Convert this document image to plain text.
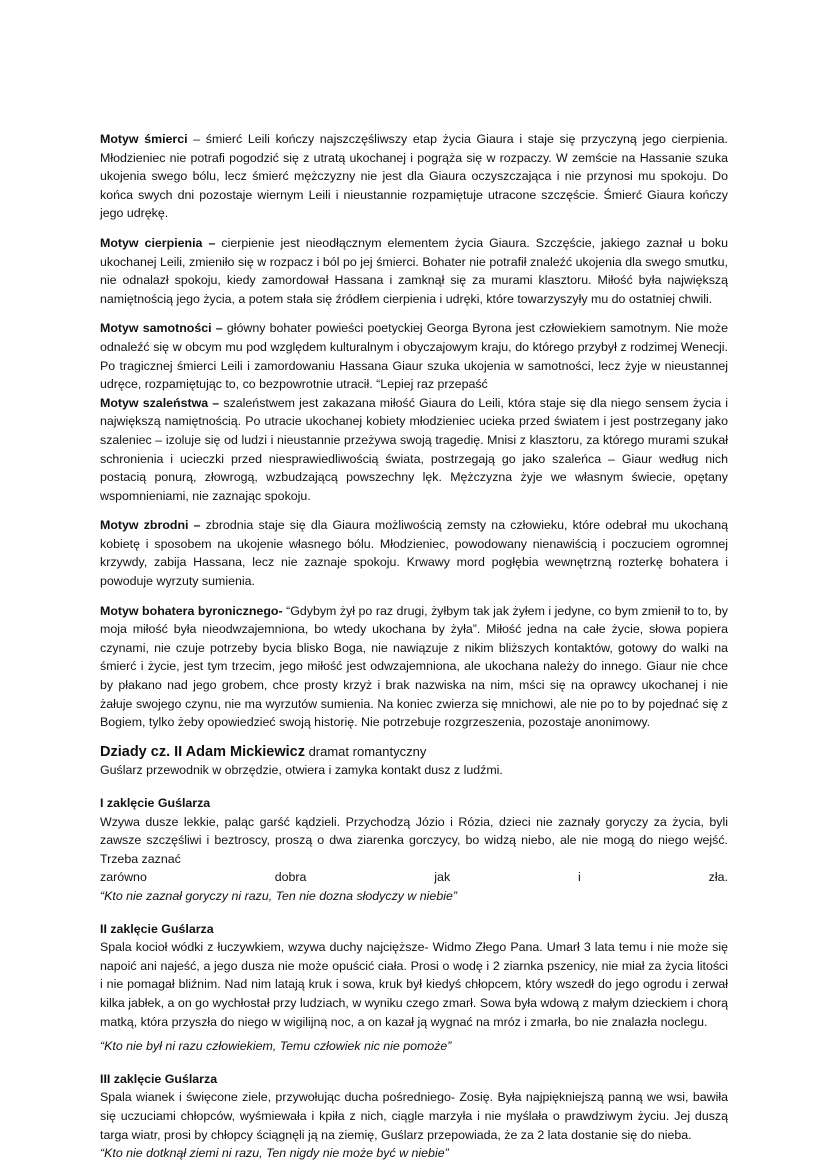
Motyw śmierci – śmierć Leili kończy najszczęśliwszy etap życia Giaura i staje się przyczyną jego cierpienia. Młodzieniec nie potrafi pogodzić się z utratą ukochanej i pogrąża się w rozpaczy. W zemście na Hassanie szuka ukojenia swego bólu, lecz śmierć mężczyzny nie jest dla Giaura oczyszczająca i nie przynosi mu spokoju. Do końca swych dni pozostaje wiernym Leili i nieustannie rozpamiętuje utracone szczęście. Śmierć Giaura kończy jego udrękę.

Motyw cierpienia – cierpienie jest nieodłącznym elementem życia Giaura. Szczęście, jakiego zaznał u boku ukochanej Leili, zmieniło się w rozpacz i ból po jej śmierci. Bohater nie potrafił znaleźć ukojenia dla swego smutku, nie odnalazł spokoju, kiedy zamordował Hassana i zamknął się za murami klasztoru. Miłość była największą namiętnością jego życia, a potem stała się źródłem cierpienia i udręki, które towarzyszyły mu do ostatniej chwili.

Motyw samotności – główny bohater powieści poetyckiej Georga Byrona jest człowiekiem samotnym. Nie może odnaleźć się w obcym mu pod względem kulturalnym i obyczajowym kraju, do którego przybył z rodzimej Wenecji. Po tragicznej śmierci Leili i zamordowaniu Hassana Giaur szuka ukojenia w samotności, lecz żyje w nieustannej udręce, rozpamiętując to, co bezpowrotnie utracił. “Lepiej raz przepaść

Motyw szaleństwa – szaleństwem jest zakazana miłość Giaura do Leili, która staje się dla niego sensem życia i największą namiętnością. Po utracie ukochanej kobiety młodzieniec ucieka przed światem i jest postrzegany jako szaleniec – izoluje się od ludzi i nieustannie przeżywa swoją tragedię. Mnisi z klasztoru, za którego murami szukał schronienia i ucieczki przed niesprawiedliwością świata, postrzegają go jako szaleńca – Giaur według nich postacią ponurą, złowrogą, wzbudzającą powszechny lęk. Mężczyzna żyje we własnym świecie, opętany wspomnieniami, nie zaznając spokoju.

Motyw zbrodni – zbrodnia staje się dla Giaura możliwością zemsty na człowieku, które odebrał mu ukochaną kobietę i sposobem na ukojenie własnego bólu. Młodzieniec, powodowany nienawiścią i poczuciem ogromnej krzywdy, zabija Hassana, lecz nie zaznaje spokoju. Krwawy mord pogłębia wewnętrzną rozterkę bohatera i powoduje wyrzuty sumienia.

Motyw bohatera byronicznego- “Gdybym żył po raz drugi, żyłbym tak jak żyłem i jedyne, co bym zmienił to to, by moja miłość była nieodwzajemniona, bo wtedy ukochana by żyła”. Miłość jedna na całe życie, słowa popiera czynami, nie czuje potrzeby bycia blisko Boga, nie nawiązuje z nikim bliższych kontaktów, gotowy do walki na śmierć i życie, jest tym trzecim, jego miłość jest odwzajemniona, ale ukochana należy do innego. Giaur nie chce by płakano nad jego grobem, chce prosty krzyż i brak nazwiska na nim, mści się na oprawcy ukochanej i nie żałuje swojego czynu, nie ma wyrzutów sumienia. Na koniec zwierza się mnichowi, ale nie po to by pojednać się z Bogiem, tylko żeby opowiedzieć swoją historię. Nie potrzebuje rozgrzeszenia, pozostaje anonimowy.

Dziady cz. II Adam Mickiewicz dramat romantyczny
Guślarz przewodnik w obrzędzie, otwiera i zamyka kontakt dusz z ludźmi.
I zaklęcie Guślarza

Wzywa dusze lekkie, paląc garść kądzieli. Przychodzą Józio i Rózia, dzieci nie zaznały goryczy za życia, byli zawsze szczęśliwi i beztroscy, proszą o dwa ziarenka gorczycy, bo widzą niebo, ale nie mogą do niego wejść. Trzeba zaznać

zarówno	dobra	jak	i	zła.
“Kto nie zaznał goryczy ni razu, Ten nie dozna słodyczy w niebie”
II zaklęcie Guślarza

Spala kocioł wódki z łuczywkiem, wzywa duchy najcięższe- Widmo Złego Pana. Umarł 3 lata temu i nie może się napoić ani najeść, a jego dusza nie może opuścić ciała. Prosi o wodę i 2 ziarnka pszenicy, nie miał za życia litości i nie pomagał bliźnim. Nad nim latają kruk i sowa, kruk był kiedyś chłopcem, który wszedł do jego ogrodu i zerwał kilka jabłek, a on go wychłostał przy ludziach, w wyniku czego zmarł. Sowa była wdową z małym dzieckiem i chorą matką, która przyszła do niego w wigilijną noc, a on kazał ją wygnać na mróz i zmarła, bo nie znalazła noclegu.

“Kto nie był ni razu człowiekiem, Temu człowiek nic nie pomoże”
III zaklęcie Guślarza

Spala wianek i święcone ziele, przywołując ducha pośredniego- Zosię. Była najpiękniejszą panną we wsi, bawiła się uczuciami chłopców, wyśmiewała i kpiła z nich, ciągle marzyła i nie myślała o prawdziwym życiu. Jej duszą targa wiatr, prosi by chłopcy ściągnęli ją na ziemię, Guślarz przepowiada, że za 2 lata dostanie się do nieba.

“Kto nie dotknął ziemi ni razu, Ten nigdy nie może być w niebie”
